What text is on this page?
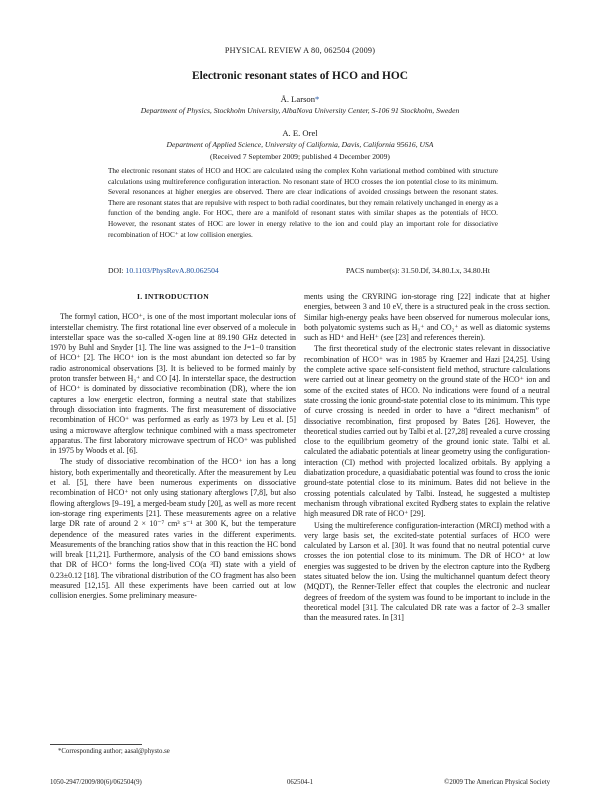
PHYSICAL REVIEW A 80, 062504 (2009)
Electronic resonant states of HCO and HOC
Å. Larson*
Department of Physics, Stockholm University, AlbaNova University Center, S-106 91 Stockholm, Sweden
A. E. Orel
Department of Applied Science, University of California, Davis, California 95616, USA
(Received 7 September 2009; published 4 December 2009)
The electronic resonant states of HCO and HOC are calculated using the complex Kohn variational method combined with structure calculations using multireference configuration interaction. No resonant state of HCO crosses the ion potential close to its minimum. Several resonances at higher energies are observed. There are clear indications of avoided crossings between the resonant states. There are resonant states that are repulsive with respect to both radial coordinates, but they remain relatively unchanged in energy as a function of the bending angle. For HOC, there are a manifold of resonant states with similar shapes as the potentials of HCO. However, the resonant states of HOC are lower in energy relative to the ion and could play an important role for dissociative recombination of HOC⁺ at low collision energies.
DOI: 10.1103/PhysRevA.80.062504	PACS number(s): 31.50.Df, 34.80.Lx, 34.80.Ht
I. INTRODUCTION

The formyl cation, HCO⁺, is one of the most important molecular ions of interstellar chemistry. The first rotational line ever observed of a molecule in interstellar space was the so-called X-ogen line at 89.190 GHz detected in 1970 by Buhl and Snyder [1]. The line was assigned to the J=1−0 transition of HCO⁺ [2]. The HCO⁺ ion is the most abundant ion detected so far by radio astronomical observations [3]. It is believed to be formed mainly by proton transfer between H₃⁺ and CO [4]. In interstellar space, the destruction of HCO⁺ is dominated by dissociative recombination (DR), where the ion captures a low energetic electron, forming a neutral state that stabilizes through dissociation into fragments. The first measurement of dissociative recombination of HCO⁺ was performed as early as 1973 by Leu et al. [5] using a microwave afterglow technique combined with a mass spectrometer apparatus. The first laboratory microwave spectrum of HCO⁺ was published in 1975 by Woods et al. [6].

The study of dissociative recombination of the HCO⁺ ion has a long history, both experimentally and theoretically. After the measurement by Leu et al. [5], there have been numerous experiments on dissociative recombination of HCO⁺ not only using stationary afterglows [7,8], but also flowing afterglows [9–19], a merged-beam study [20], as well as more recent ion-storage ring experiments [21]. These measurements agree on a relative large DR rate of around 2 × 10⁻⁷ cm³ s⁻¹ at 300 K, but the temperature dependence of the measured rates varies in the different experiments. Measurements of the branching ratios show that in this reaction the HC bond will break [11,21]. Furthermore, analysis of the CO band emissions shows that DR of HCO⁺ forms the long-lived CO(a ³Π) state with a yield of 0.23±0.12 [18]. The vibrational distribution of the CO fragment has also been measured [12,15]. All these experiments have been carried out at low collision energies. Some preliminary measure-

ments using the CRYRING ion-storage ring [22] indicate that at higher energies, between 3 and 10 eV, there is a structured peak in the cross section. Similar high-energy peaks have been observed for numerous molecular ions, both polyatomic systems such as H₃⁺ and CO₂⁺ as well as diatomic systems such as HD⁺ and HeH⁺ (see [23] and references therein).

The first theoretical study of the electronic states relevant in dissociative recombination of HCO⁺ was in 1985 by Kraemer and Hazi [24,25]. Using the complete active space self-consistent field method, structure calculations were carried out at linear geometry on the ground state of the HCO⁺ ion and some of the excited states of HCO. No indications were found of a neutral state crossing the ionic ground-state potential close to its minimum. This type of curve crossing is needed in order to have a “direct mechanism” of dissociative recombination, first proposed by Bates [26]. However, the theoretical studies carried out by Talbi et al. [27,28] revealed a curve crossing close to the equilibrium geometry of the ground ionic state. Talbi et al. calculated the adiabatic potentials at linear geometry using the configuration-interaction (CI) method with projected localized orbitals. By applying a diabatization procedure, a quasidiabatic potential was found to cross the ionic ground-state potential close to its minimum. Bates did not believe in the crossing potentials calculated by Talbi. Instead, he suggested a multistep mechanism through vibrational excited Rydberg states to explain the relative high measured DR rate of HCO⁺ [29].

Using the multireference configuration-interaction (MRCI) method with a very large basis set, the excited-state potential surfaces of HCO were calculated by Larson et al. [30]. It was found that no neutral potential curve crosses the ion potential close to its minimum. The DR of HCO⁺ at low energies was suggested to be driven by the electron capture into the Rydberg states situated below the ion. Using the multichannel quantum defect theory (MQDT), the Renner-Teller effect that couples the electronic and nuclear degrees of freedom of the system was found to be important to include in the theoretical model [31]. The calculated DR rate was a factor of 2–3 smaller than the measured rates. In [31]

*Corresponding author; aasal@physto.se
1050-2947/2009/80(6)/062504(9)	062504-1	©2009 The American Physical Society
